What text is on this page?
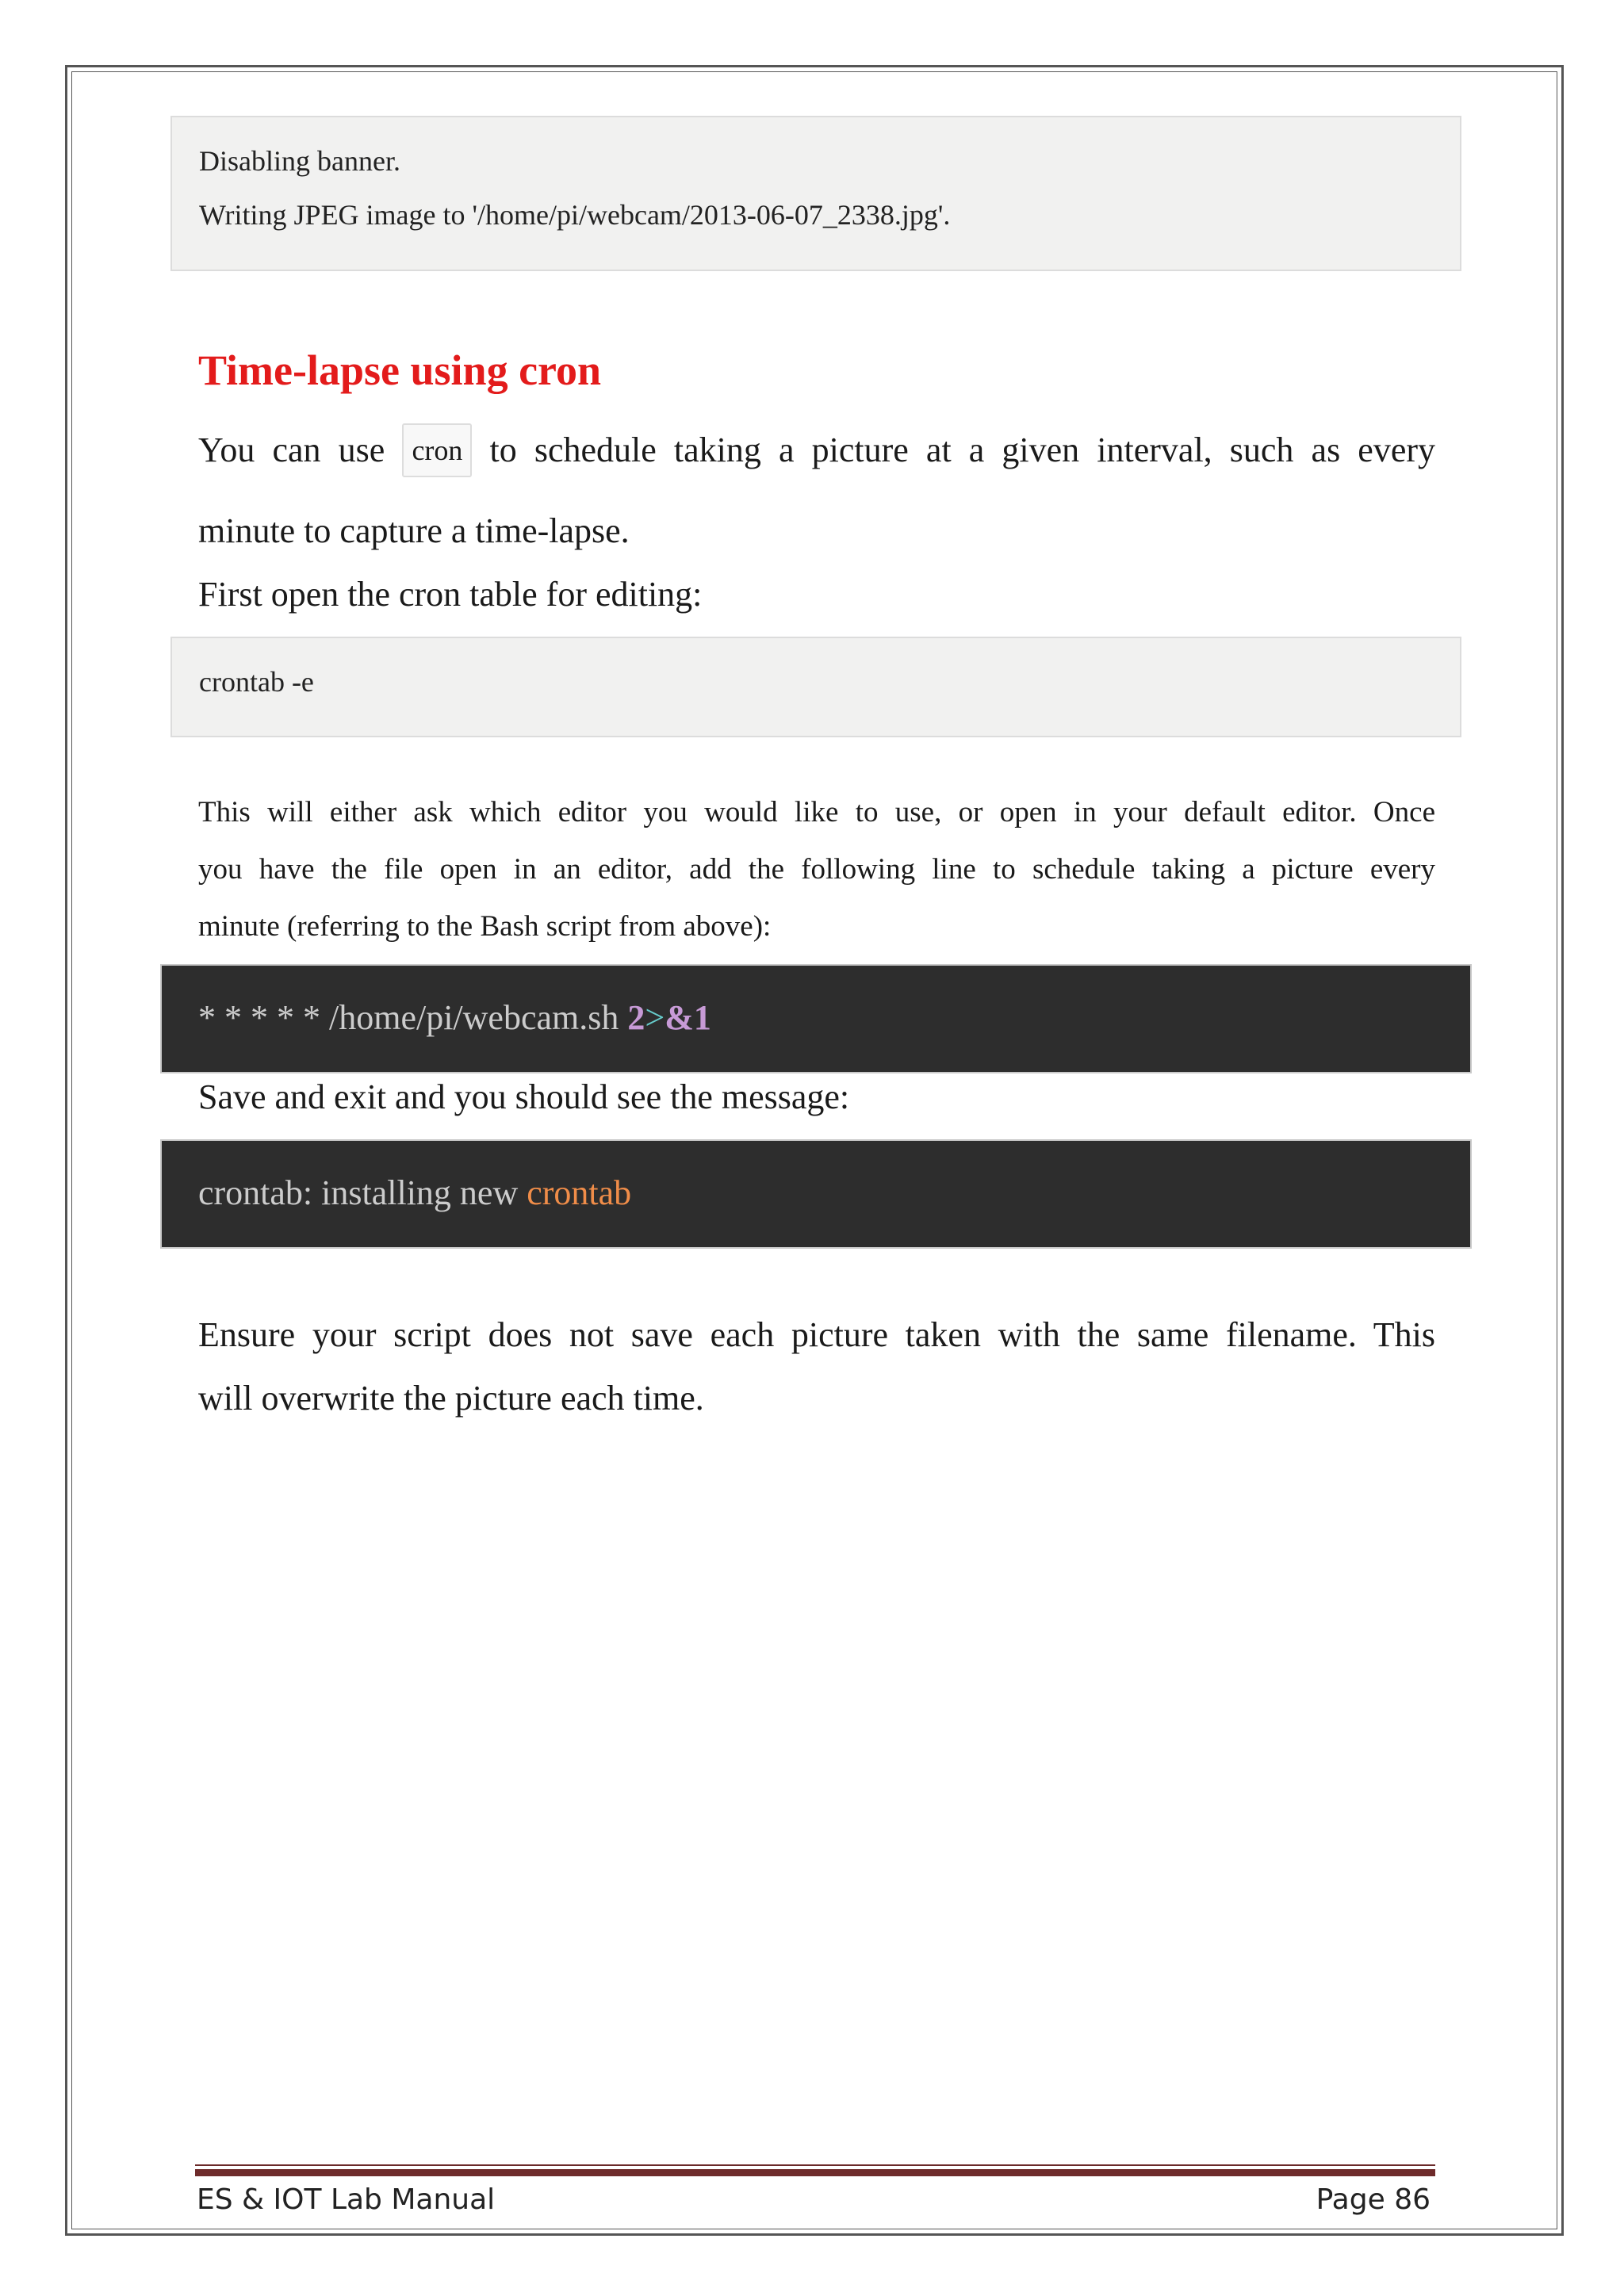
Disabling banner.
Writing JPEG image to '/home/pi/webcam/2013-06-07_2338.jpg'.
Time-lapse using cron

You can use cron to schedule taking a picture at a given interval, such as every

minute to capture a time-lapse.

First open the cron table for editing:

crontab -e

This will either ask which editor you would like to use, or open in your default editor. Once

you have the file open in an editor, add the following line to schedule taking a picture every

minute (referring to the Bash script from above):

* * * * * /home/pi/webcam.sh 2>&1

Save and exit and you should see the message:

crontab: installing new crontab

Ensure your script does not save each picture taken with the same filename. This

will overwrite the picture each time.

ES & IOT Lab Manual	Page 86
